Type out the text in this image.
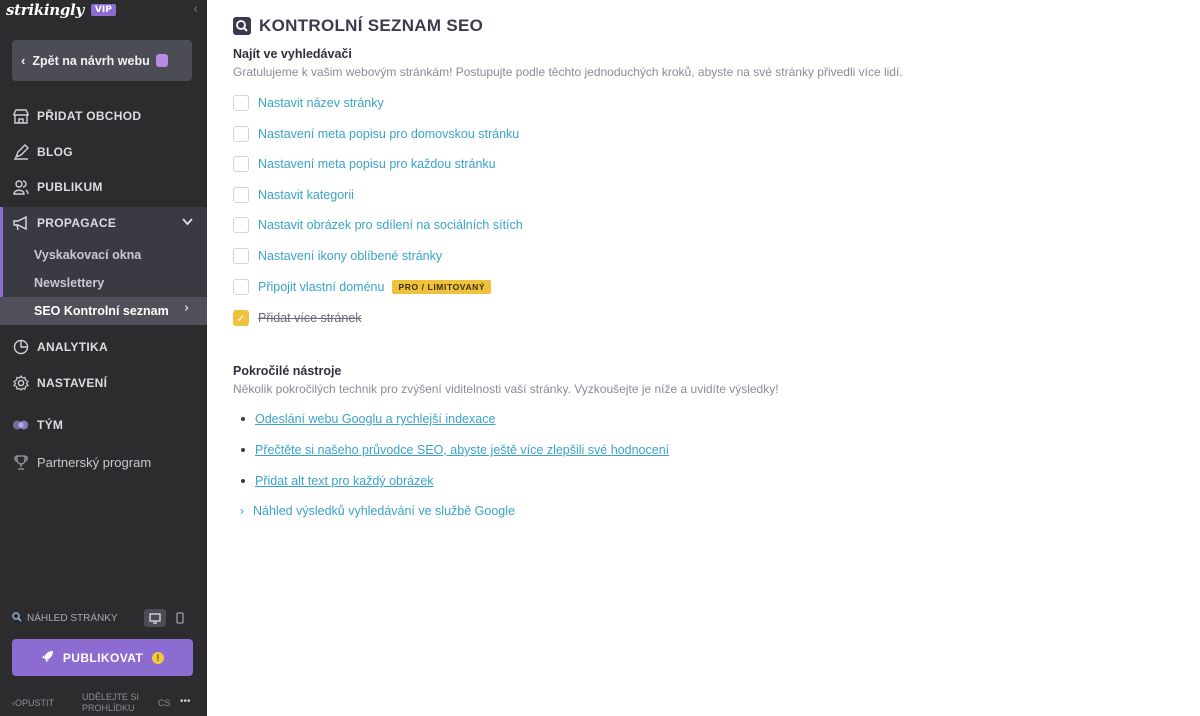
strikingly	VIP	‹
‹ Zpět na návrh webu
PŘIDAT OBCHOD
BLOG
PUBLIKUM
PROPAGACE
Vyskakovací okna
Newslettery
SEO Kontrolní seznam ›
ANALYTIKA
NASTAVENÍ
TÝM
Partnerský program
NÁHLED STRÁNKY
PUBLIKOVAT	!
‹ OPUSTIT
UDĚLEJTE SI PROHLÍDKU	CS •••
KONTROLNÍ SEZNAM SEO
Najít ve vyhledávači
Gratulujeme k vašim webovým stránkám! Postupujte podle těchto jednoduchých kroků, abyste na své stránky přivedli více lidí.
Nastavit název stránky
Nastavení meta popisu pro domovskou stránku
Nastavení meta popisu pro každou stránku
Nastavit kategorii
Nastavit obrázek pro sdílení na sociálních sítích
Nastavení ikony oblíbené stránky
Připojit vlastní doménu	PRO / LIMITOVANÝ
✓ Přidat více stránek
Pokročilé nástroje
Několik pokročilých technik pro zvýšení viditelnosti vaší stránky. Vyzkoušejte je níže a uvidíte výsledky!
Odeslání webu Googlu a rychlejší indexace
Přečtěte si našeho průvodce SEO, abyste ještě více zlepšili své hodnocení
Přidat alt text pro každý obrázek
› Náhled výsledků vyhledávání ve službě Google
